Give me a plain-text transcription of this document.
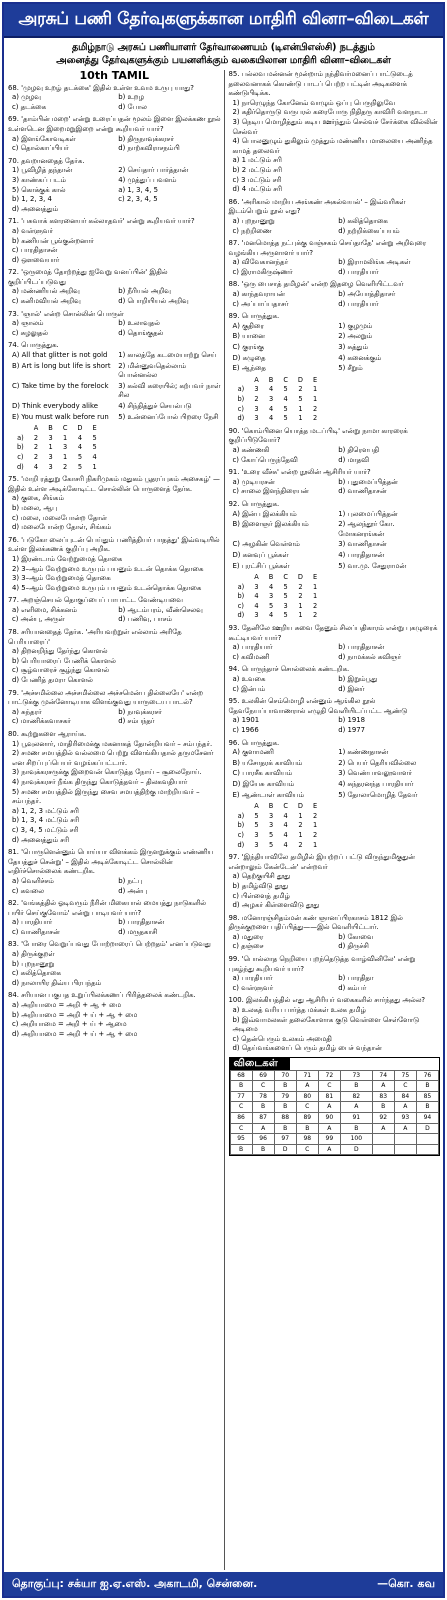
அரசுப் பணி தேர்வுகளுக்கான மாதிரி வினா–விடைகள்
தமிழ்நாடு அரசுப் பணியாளர் தேர்வாணையம் (டிஎன்பிஎஸ்சி) நடத்தும்
அனைத்து தேர்வுகளுக்கும் பயனளிக்கும் வகையிலான மாதிரி வினா–விடைகள்
10th TAMIL
68. 'முழவு உறழ் தடக்கை' இதில் உள்ள உவம உருபு யாது?
a) முழவு	b) உறழ
c) தடக்கை	d) போல
69. 'தாம்பின் மறை' என்று உரைப்பதன் மூலம் இளை இலக்கண நூல் உள்ளடென இறைமறுஇறை என்று கூறியவர் யார்?
a) இளங்கோவடிகள்	b) திருநாவுக்கரசர்
c) தொல்காப்பியர்	d) நாற்கவிராசநம்பி
70. தவறானதைத் தேர்க.
1) பூவிழித் தந்தான்	2) செய்தார் பார்த்தான்
3) காண்கப் படம்	4) முத்துப் பவளம்
5) கொக்குக் கால்	a) 1, 3, 4, 5
b) 1, 2, 3, 4	c) 2, 3, 4, 5
d) அனைத்தும்
71. 'பசுவாக் களரனையர் கல்லாதவர்' என்று கூறியவர் யார்?
a) வள்ளுவர்
b) கணியன் பூங்குன்றனார்
c) பாரதிதாசன்
d) ஔவையார்
72. 'ஒருமைத் தோற்றத்து ஐவேறு வனப்பின்' இதில் குறிப்பிடப்படுவது
a) மண்ணியல் அறிவு	b) நீரியல் அறிவு
c) கனிமவியல் அறிவு	d) பொறியியல் அறிவு
73. 'ஞால்' என்ற சொல்லின் பொருள்
a) ஞாலம்	b) உலாவுதல்
c) சுழலுதல்	d) தொங்குதல்
74. பொருத்துக.
A) All that glitter is not gold	1) காலத்தே கடமையாற்று செய்
B) Art is long but life is short	2) மின்னுவதெல்லாம் பொன்னல்ல
C) Take time by the forelock	3) கல்வி கரையில்; கற்பவர் நாள் சில
D) Think everybody alike	4) சிந்தித்துச் செயல்படு
E) You must walk before run	5) உன்னைப்போல் பிறரை நேசி
	A	B	C	D	E
a)	2	3	1	4	5
b)	2	1	3	4	5
c)	2	3	1	5	4
d)	4	3	2	5	1
75. 'மாறி ரத்துறு கோசரி நிகரிமுகம் மதுகம் பூதரப்புகம் அசைகழ்' — இதில் உள்ள அடிக்கோடிட்ட சொல்லின் பொருளைத் தேர்க.
a) குகை, சிங்கம்
b) மலை, ஆபு
c) மலை, மலைபோன்ற தோள்
d) மலைபோன்ற தோள், சிங்கம்
76. 'படுகோ லைப்புடன் பெய்தும் பணித்தியர் பாதத்து' இவ்வடியில் உள்ள இலக்கணக் குறிப்பு அறிக.
1) இரண்டாம் வேற்றுமைத் தொகை
2) 3–ஆம் வேற்றுமை உருபும் பயனும் உடன் தொக்க தொகை
3) 3–ஆம் வேற்றுமைத் தொகை
4) 5–ஆம் வேற்றுமை உருபும் பயனும் உடன்தொக்க தொகை
77. அறஞ்செயல் தொகுப்பைப் பாபாட்ட வேண்டியவை
a) எளிமை, சிக்கனம்	b) ஆடம்பரம், வீண்செலவு
c) அன்பு, அருள்	d) பணிவு, பாசம்
78. சரியானதைத் தேர்க. 'அரியவற்றுள் எல்லாம் அரிதே பெரியாரைப்'
a) திறனறிந்து தேர்ந்து கொளல்
b) பெரியாரைப் பேணிக் கொளல்
c) சூழ்வாரைச் சூழ்ந்து கொளல்
d) பேணித் தமரா கொளல்
79. 'அச்சமில்லை அச்சமில்லை அச்சமென்ப தில்லையே' என்ற பாட்டுக்கு முன்னோடியாக விளங்குவது யாருடைய பாடல்?
a) சுந்தரர்	b) நாவுக்கரசர்
c) மாணிக்கவாசகர்	d) சம்பந்தர்
80. கூற்றுகளை ஆராய்க.
1) பூவுலனார், மாதிரிமைக்கு மகனாகத் தோன்றியவர் – சம்பந்தர்.
2) சமண சமயத்தில் வல்லமை பெற்று விளங்கியதால் தருமசேனர் என சிறப்புப்பெயர் வழங்கப்பட்டார்.
3) நாவுக்கரசருக்கு இறைவன் கொடுத்த நோய் – சூலைநோய்.
4) நாவுக்கரசர் நீங்க திருந்து கொடுத்தவர் – திலகவதியார்
5) சமண சமயத்தில் இருந்து சைவ சமயத்திற்கு மாற்றியவர் – சம்பந்தர்.
a) 1, 2, 3 மட்டும் சரி
b) 1, 3, 4 மட்டும் சரி
c) 3, 4, 5 மட்டும் சரி
d) அனைத்தும் சரி
81. 'பொருளென்னும் பொய்யா விளக்கம் இருளறுக்கும் எண்ணிய தேயத்துச் சென்று' – இதில் அடிக்கோடிட்ட சொல்லின் எதிர்ச்சொல்லைக் கண்டறிக.
a) வெளிச்சம்	b) நட்பு
c) கவலை	d) அன்பு
82. 'வங்கத்தில் ஓடிவரும் நீரின் மிகையால் மையத்து நாடுகளில் பயிர் செய்குவோம்' என்று பாடியவர் யார்?
a) பாரதியார்	b) பாரதிதாசன்
c) வாணிதாசன்	d) மருதகாசி
83. 'போரை வெறுப்பவது போற்றாரைப் பெற்றதம்' எனப்படுவது
a) திருக்குறள்
b) புறநானூறு
c) கலித்தொகை
d) நாலாயிர திவ்ய பிரபந்தம்
84. சரியான பகுபத உறுப்பிலக்கணப் பிரித்தலைக் கண்டறிக.
a) அறியாமை = அறி + ஆ + மை
b) அறியாமை = அறி + ய் + ஆ + மை
c) அறியாமை = அறி + ய் + ஆமை
d) அறியாமை = அறி + ய் + ஆ + மை
85. பல்லவ மன்னன் மூன்றாம் நந்திவர்மனைப் பாட்டுடைத் தலைவனாகக் கொண்டு பாடப் பெற்ற பட்டின் அடிகளைக் கண்டுபிடிக்க.
1) நாரெழுந்த கோனேவ் வாழும் ஒப்பு பெருநிலுவே
2) கதிர்தொருடு வருபரல் கரைபோரு நிதிதரு காவிரி வளநாடா
3) நெடிய மொழித்தும் கடிய ஊர்ந்தும் செல்வச் சேர்க்கை வில்லின் செல்வர்
4) பொலனுழும் துகிலும் முத்தும் மண்ணிய மாலையை அணிந்த காமத் தலைவர்
a) 1 மட்டும் சரி
b) 2 மட்டும் சரி
c) 3 மட்டும் சரி
d) 4 மட்டும் சரி
86. 'அரிகால் மாறிய அங்கண் அகல்வயல்' – இவ்வரிகள் இடம்பெறும் நூல் எது?
a) புறநானூறு	b) கலித்தொகை
c) நற்றிணை	d) நற்றிக்கைப்பயம்
87. 'மனமொத்த நட்புக்கு வஞ்சகம் செய்தாதே' என்று அறிவுரை வழங்கிய அருளாளர் யார்?
a) விவேகானந்தர்	b) இராமலிங்க அடிகள்
c) இராமகிருஷ்ணர்	d) பாரதியார்
88. 'ஒரு பைசாத் தமிழன்' என்ற இதழை வெளியிட்டவர்
a) காந்தவராயன்	b) அயோத்திதாசர்
c) அப்பாப்பதாசர்	d) பாரதியார்
89. பொருத்துக.
A) குதிரை	1) குழமும்
B) யானை	2) அலறும்
C) குரங்கு	3) சுத்தும்
D) கழுதை	4) கனைக்கும்
E) ஆந்தை	5) சீறும்
	A	B	C	D	E
a)	3	4	5	2	1
b)	2	3	4	5	1
c)	3	4	5	1	2
d)	3	4	5	1	2
90. 'கொம்பினை யொத்த மடப்பிடி' என்று நாமா காரரைக் குறிப்பிடுவோர்?
a) கண்ணகி	b) திரௌபதி
c) கோப்பெருந்தேவி	d) மாதவி
91. 'உரை வீச்சு' என்ற நூலின் ஆசிரியர் யார்?
a) முடியரசன்	b) புதுமைப்பித்தன்
c) சாலை இளந்திரையன்	d) வாணிதாசன்
92. பொருத்துக.
A) இன்ப இலக்கியம்	1) புலமைப்பித்தன்
B) இளைஞர் இலக்கியம்	2) ஆலந்தூர் கோ. மோகனரங்கன்
C) அழகின் வெள்ளம்	3) வாணிதாசன்
D) கனவுப் பூக்கள்	4) பாரதிதாசன்
E) புரட்சிப் பூக்கள்	5) வா.மு. சேதுராமன்
	A	B	C	D	E
a)	3	4	5	2	1
b)	4	3	5	2	1
c)	4	5	3	1	2
d)	3	4	5	1	2
93. தேனிலே ஊறிய சுவை தேனும் சிலப்பதிகாரம் என்று புகழுரைக் கூட்டியவர் யார்?
a) பாரதியார்	b) பாரதிதாசன்
c) கவிமணி	d) நாமக்கல் கவிஞர்
94. பொருந்தாச் சொல்லைக் கண்டறிக.
a) உவகை	b) இறும்பூது
c) இன்பம்	d) இனர்
95. உலகின் செம்மொழி என்னும் ஆங்கில நூல் தேவநேயப்பாவாணரால் எழுதி வெளியிடப்பட்ட ஆண்டு
a) 1901	b) 1918
c) 1966	d) 1977
96. பொருத்துக.
A) குளாமணி	1) கண்ணதாசன்
B) யசோதரக் காவியம்	2) பெயர் தெரியவில்லை
C) பாரசீக காவியம்	3) வெண்பாவலூவாளர்
D) இயேசு காவியம்	4) சுந்தரனந்த பாரதியார்
E) ஆண்டாள் காவியம்	5) தோலாமொழித் தேவர்
	A	B	C	D	E
a)	5	3	4	1	2
b)	5	3	4	2	1
c)	3	5	4	1	2
d)	3	5	4	2	1
97. 'இந்தியாவிலே தமிழில் இயற்றப் பட்டு விருந்துமிகுதுன் என்றாலும் கேன்டேன்' என்றவர்
a) தெற்குயிசி தூது
b) தமிழ்விடு தூது
c) பிள்ளைத் தமிழ்
d) அழகர் கிள்ளைவிடு தூது
98. மனோரஞ்சிதம்மன் கண் ஞானப்பிரகாசம் 1812 இல் திருக்குறளை பதிப்பித்து——இல் வெளியிட்டார்.
a) மதுரை	b) கோவை
c) தஞ்சை	d) திருச்சி
99. 'பொல்லாத நெறியை புறந்தெடுத்த வாழ்வினிலே' என்று புகழ்ந்து கூறியவர் யார்?
a) பாரதியார்	b) பாரதிதா
c) வள்ளுவர்	d) கம்பர்
100. இலக்கியத்தில் எது ஆசிரியர் வகைகளில் சார்ந்தது அல்ல?
a) உலகத் வரிய பார்த்த மக்கள் உலக தமிழ்
b) இவ்வாமலகள் தலைகோளாக குடு வெள்ளை செள்ளோடு அடிமை
c) தென்பெரும் உலகம் அமைதி
d) தெய்வங்களைப் பெரும் தமிழ் பைச் வந்தான்
விடைகள்
68	69	70	71	72	73	74	75	76
B	C	B	A	C	B	A	C	B
77	78	79	80	81	82	83	84	85
C	B	B	C	A	A	B	A	B
86	87	88	89	90	91	92	93	94
C	A	B	B	A	B	A	A	D
95	96	97	98	99	100			
B	B	D	C	A	D			
தொகுப்பு: சக்யா ஐ.ஏ.எஸ். அகாடமி, சென்னை.	—கொ. கவ
